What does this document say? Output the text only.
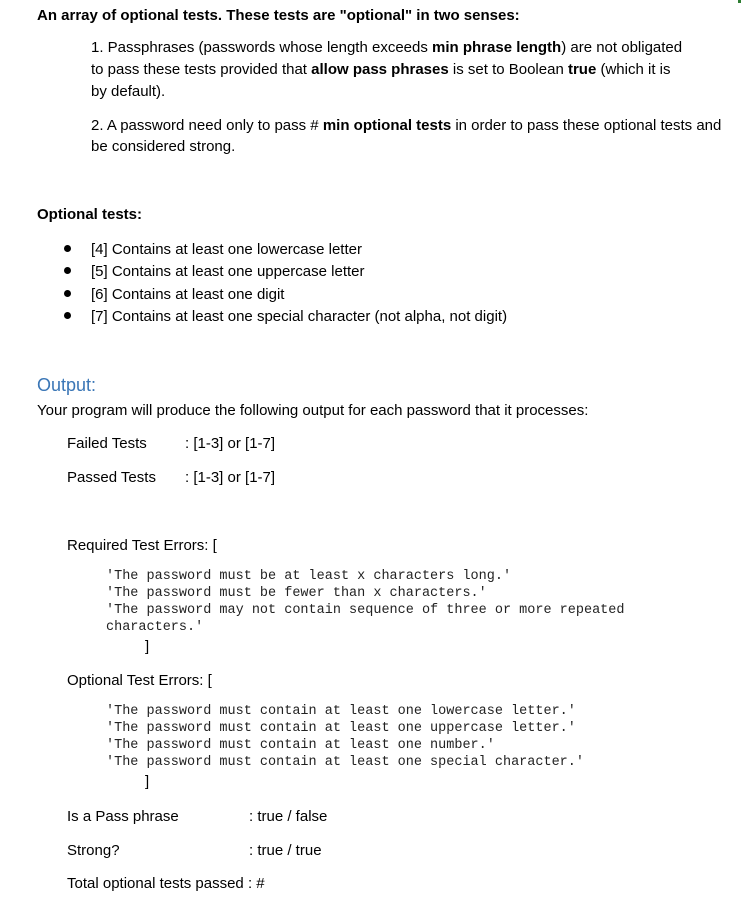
An array of optional tests. These tests are "optional" in two senses:
1. Passphrases (passwords whose length exceeds min phrase length) are not obligated
to pass these tests provided that allow pass phrases is set to Boolean true (which it is
by default).
2. A password need only to pass # min optional tests in order to pass these optional tests and
be considered strong.
Optional tests:
[4] Contains at least one lowercase letter
[5] Contains at least one uppercase letter
[6] Contains at least one digit
[7] Contains at least one special character (not alpha, not digit)
Output:
Your program will produce the following output for each password that it processes:
Failed Tests	: [1-3] or [1-7]
Passed Tests : [1-3] or [1-7]
Required Test Errors: [
'The password must be at least x characters long.'
'The password must be fewer than x characters.'
'The password may not contain sequence of three or more repeated
characters.'
]
Optional Test Errors: [
'The password must contain at least one lowercase letter.'
'The password must contain at least one uppercase letter.'
'The password must contain at least one number.'
'The password must contain at least one special character.'
]
Is a Pass phrase	: true / false
Strong?	: true / true
Total optional tests passed : #
